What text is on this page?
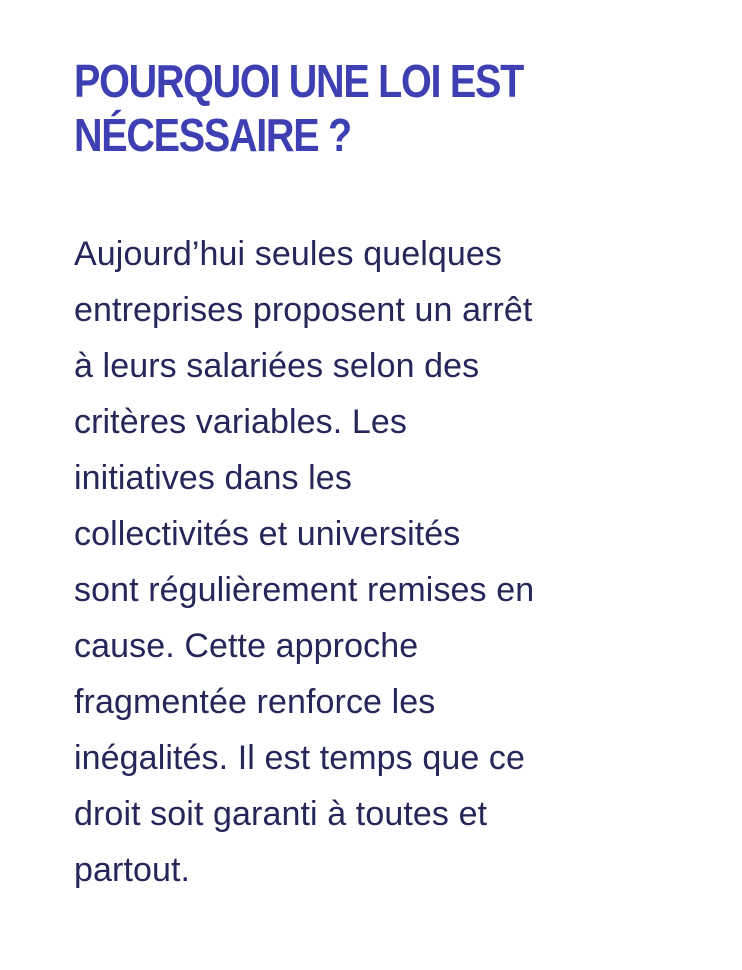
POURQUOI UNE LOI EST
NÉCESSAIRE ?

Aujourd’hui seules quelques
entreprises proposent un arrêt
à leurs salariées selon des
critères variables. Les
initiatives dans les
collectivités et universités
sont régulièrement remises en
cause. Cette approche
fragmentée renforce les
inégalités. Il est temps que ce
droit soit garanti à toutes et
partout.
